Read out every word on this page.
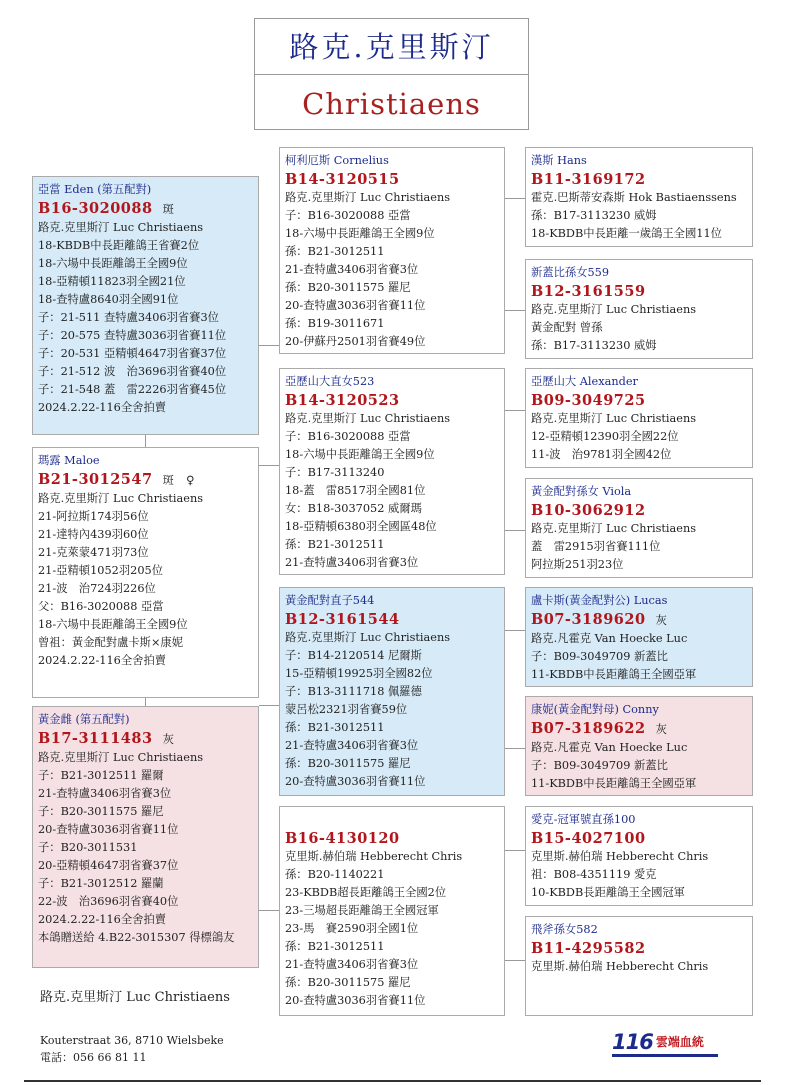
路克.克里斯汀
Christiaens
亞當 Eden (第五配對)
B16-3020088 斑
路克.克里斯汀 Luc Christiaens
18-KBDB中長距離鴿王省賽2位
18-六場中長距離鴿王全國9位
18-亞精頓11823羽全國21位
18-查特盧8640羽全國91位
子：21-511 查特盧3406羽省賽3位
子：20-575 查特盧3036羽省賽11位
子：20-531 亞精頓4647羽省賽37位
子：21-512 波　治3696羽省賽40位
子：21-548 蓋　雷2226羽省賽45位
2024.2.22-116全舍拍賣
瑪露 Maloe
B21-3012547 斑　♀
路克.克里斯汀 Luc Christiaens
21-阿拉斯174羽56位
21-達特內439羽60位
21-克萊蒙471羽73位
21-亞精頓1052羽205位
21-波　治724羽226位
父：B16-3020088 亞當
18-六場中長距離鴿王全國9位
曾祖：黃金配對盧卡斯×康妮
2024.2.22-116全舍拍賣
黃金雌 (第五配對)
B17-3111483 灰
路克.克里斯汀 Luc Christiaens
子：B21-3012511 羅爾
21-查特盧3406羽省賽3位
子：B20-3011575 羅尼
20-查特盧3036羽省賽11位
子：B20-3011531
20-亞精頓4647羽省賽37位
子：B21-3012512 羅蘭
22-波　治3696羽省賽40位
2024.2.22-116全舍拍賣
本鴿贈送給 4.B22-3015307 得標鴿友
柯利厄斯 Cornelius
B14-3120515
路克.克里斯汀 Luc Christiaens
子：B16-3020088 亞當
18-六場中長距離鴿王全國9位
孫：B21-3012511
21-查特盧3406羽省賽3位
孫：B20-3011575 羅尼
20-查特盧3036羽省賽11位
孫：B19-3011671
20-伊蘇丹2501羽省賽49位
亞歷山大直女523
B14-3120523
路克.克里斯汀 Luc Christiaens
子：B16-3020088 亞當
18-六場中長距離鴿王全國9位
子：B17-3113240
18-蓋　雷8517羽全國81位
女：B18-3037052 威爾瑪
18-亞精頓6380羽全國區48位
孫：B21-3012511
21-查特盧3406羽省賽3位
黃金配對直子544
B12-3161544
路克.克里斯汀 Luc Christiaens
子：B14-2120514 尼爾斯
15-亞精頓19925羽全國82位
子：B13-3111718 佩羅德
蒙呂松2321羽省賽59位
孫：B21-3012511
21-查特盧3406羽省賽3位
孫：B20-3011575 羅尼
20-查特盧3036羽省賽11位
B16-4130120
克里斯.赫伯瑞 Hebberecht Chris
孫：B20-1140221
23-KBDB超長距離鴿王全國2位
23-三場超長距離鴿王全國冠軍
23-馬　賽2590羽全國1位
孫：B21-3012511
21-查特盧3406羽省賽3位
孫：B20-3011575 羅尼
20-查特盧3036羽省賽11位
漢斯 Hans
B11-3169172
霍克.巴斯蒂安森斯 Hok Bastiaenssens
孫：B17-3113230 威姆
18-KBDB中長距離一歲鴿王全國11位
新蓋比孫女559
B12-3161559
路克.克里斯汀 Luc Christiaens
黃金配對 曾孫
孫：B17-3113230 威姆
亞歷山大 Alexander
B09-3049725
路克.克里斯汀 Luc Christiaens
12-亞精頓12390羽全國22位
11-波　治9781羽全國42位
黃金配對孫女 Viola
B10-3062912
路克.克里斯汀 Luc Christiaens
蓋　雷2915羽省賽111位
阿拉斯251羽23位
盧卡斯(黃金配對公) Lucas
B07-3189620 灰
路克.凡霍克 Van Hoecke Luc
子：B09-3049709 新蓋比
11-KBDB中長距離鴿王全國亞軍
康妮(黃金配對母) Conny
B07-3189622 灰
路克.凡霍克 Van Hoecke Luc
子：B09-3049709 新蓋比
11-KBDB中長距離鴿王全國亞軍
愛克-冠軍號直孫100
B15-4027100
克里斯.赫伯瑞 Hebberecht Chris
祖：B08-4351119 愛克
10-KBDB長距離鴿王全國冠軍
飛斧孫女582
B11-4295582
克里斯.赫伯瑞 Hebberecht Chris
路克.克里斯汀 Luc Christiaens
Kouterstraat 36, 8710 Wielsbeke
電話：056 66 81 11
116 雲端血統
